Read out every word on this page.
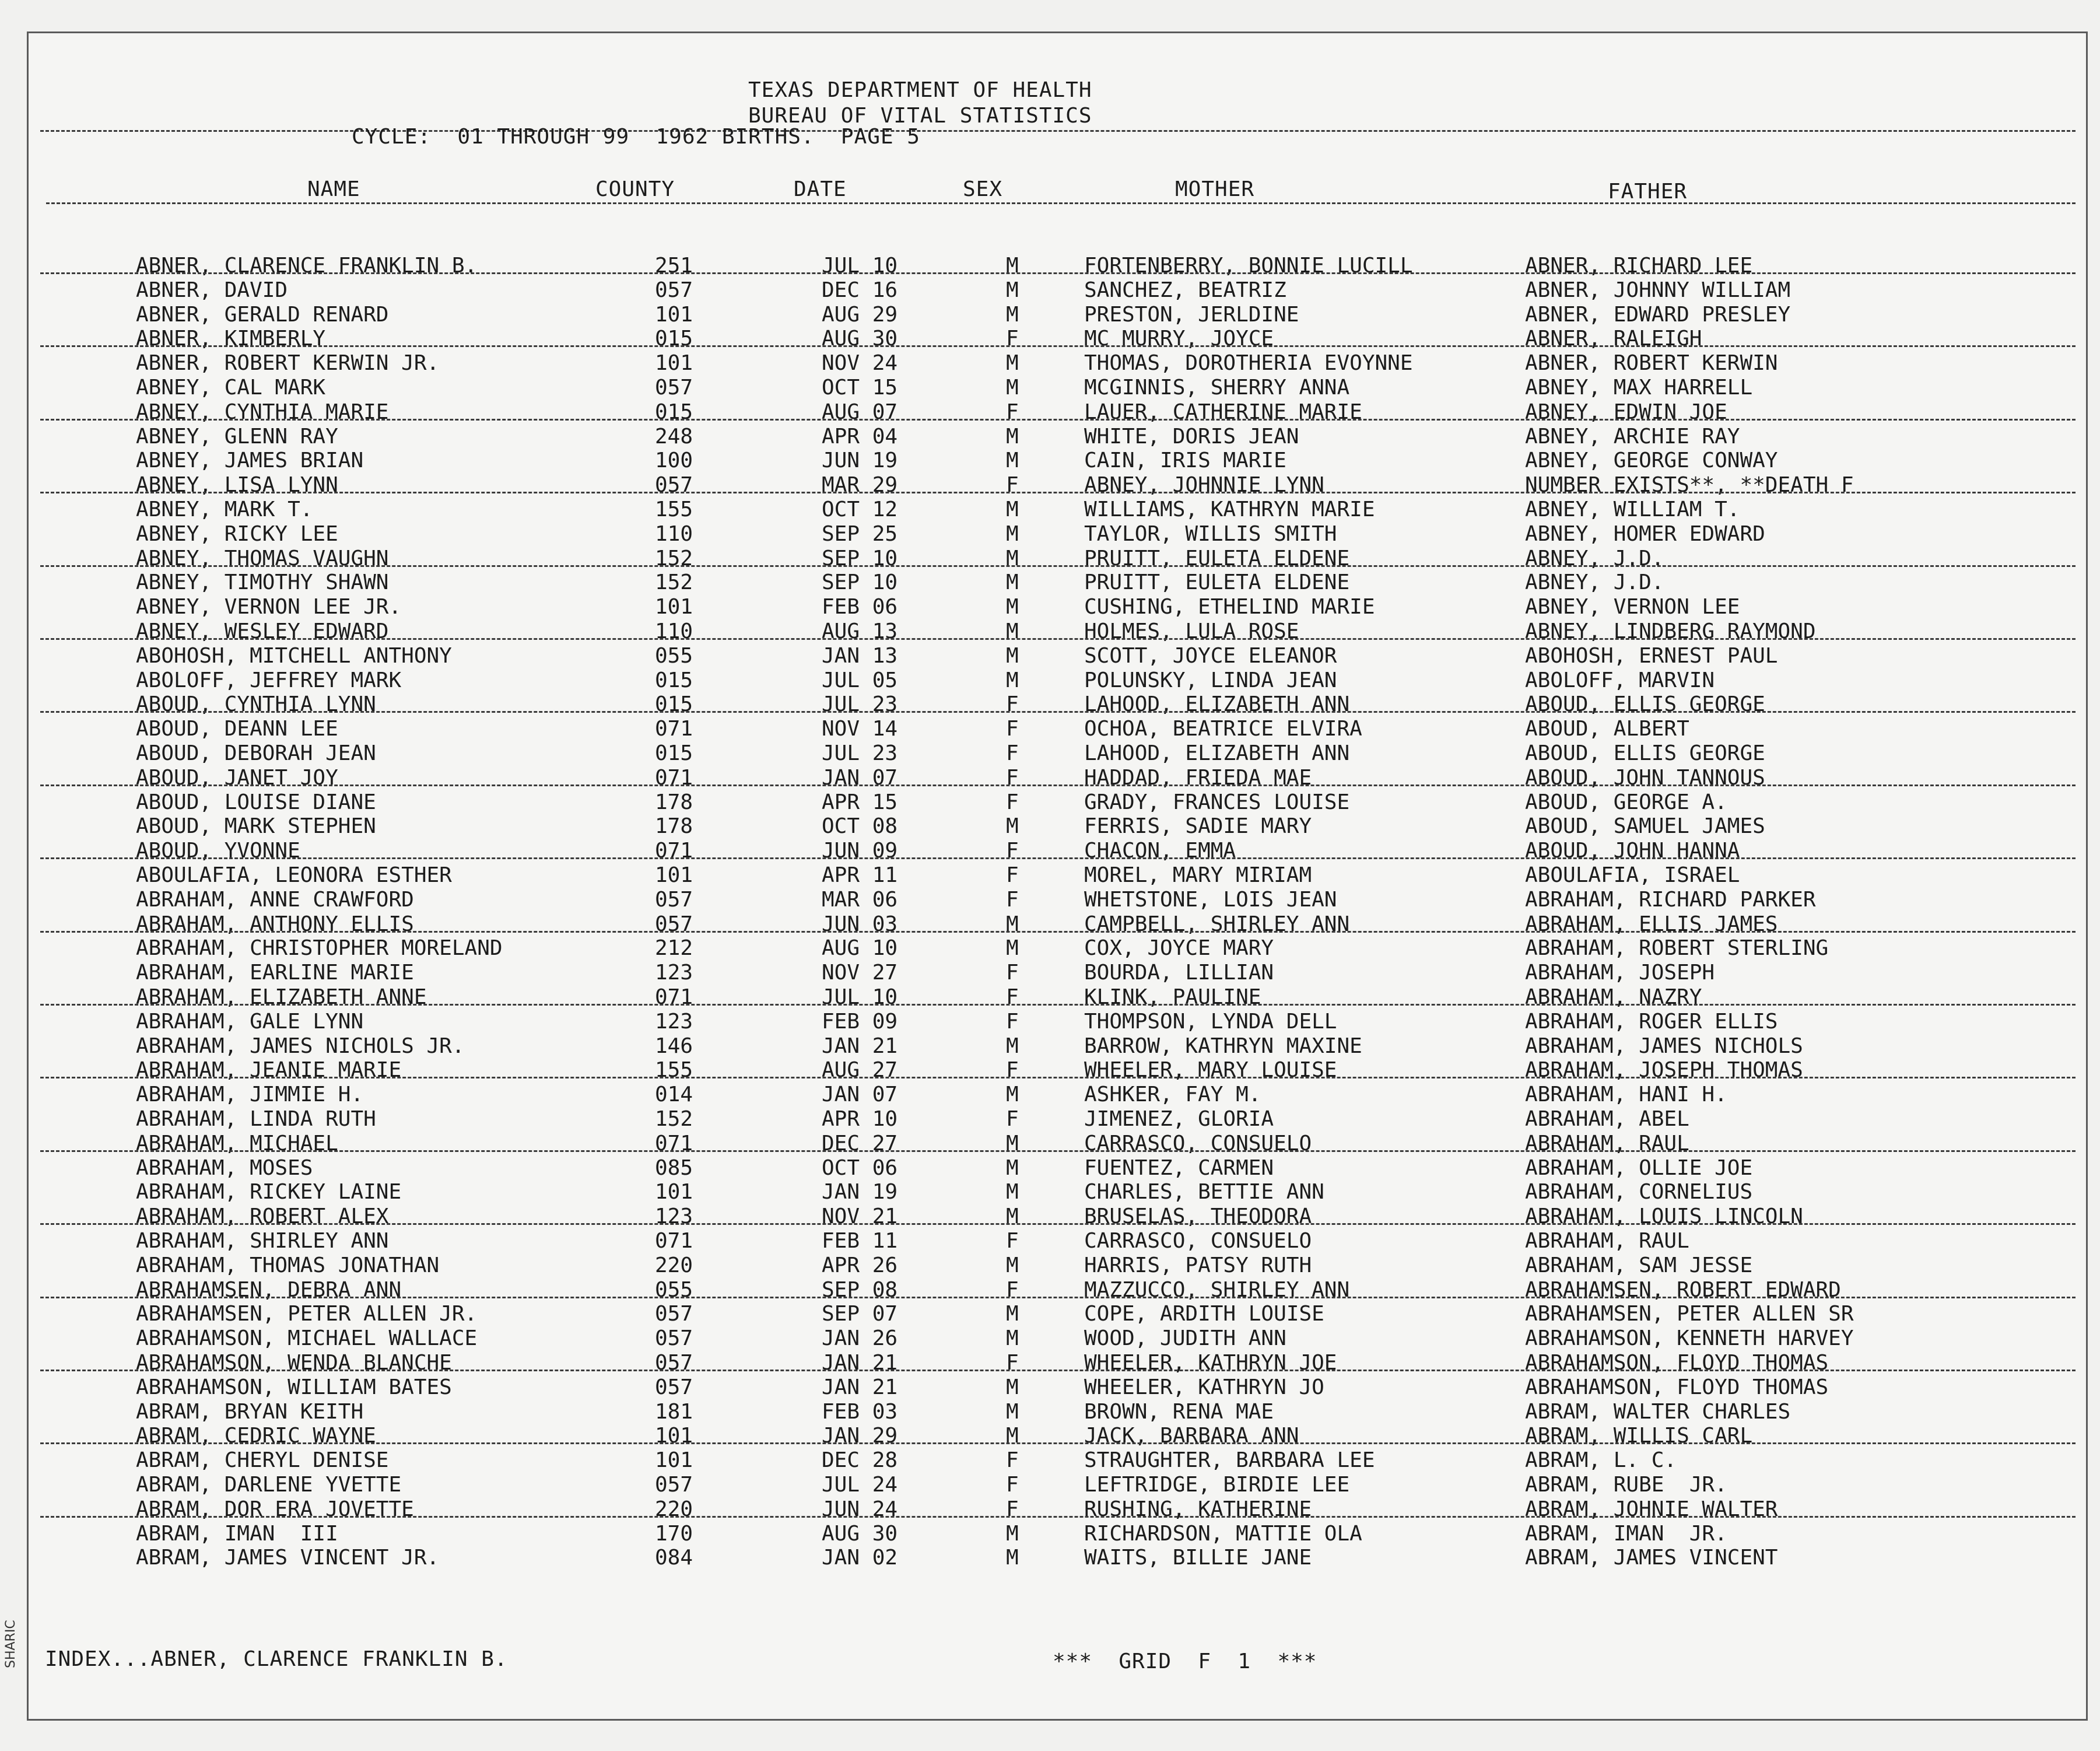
TEXAS DEPARTMENT OF HEALTH
BUREAU OF VITAL STATISTICS
CYCLE:  01 THROUGH 99  1962 BIRTHS.  PAGE 5
NAME	COUNTY	DATE	SEX	MOTHER	FATHER
ABNER, CLARENCE FRANKLIN B.	251	JUL 10	M	FORTENBERRY, BONNIE LUCILL	ABNER, RICHARD LEE
ABNER, DAVID	057	DEC 16	M	SANCHEZ, BEATRIZ	ABNER, JOHNNY WILLIAM
ABNER, GERALD RENARD	101	AUG 29	M	PRESTON, JERLDINE	ABNER, EDWARD PRESLEY
ABNER, KIMBERLY	015	AUG 30	F	MC MURRY, JOYCE	ABNER, RALEIGH
ABNER, ROBERT KERWIN JR.	101	NOV 24	M	THOMAS, DOROTHERIA EVOYNNE	ABNER, ROBERT KERWIN
ABNEY, CAL MARK	057	OCT 15	M	MCGINNIS, SHERRY ANNA	ABNEY, MAX HARRELL
ABNEY, CYNTHIA MARIE	015	AUG 07	F	LAUER, CATHERINE MARIE	ABNEY, EDWIN JOE
ABNEY, GLENN RAY	248	APR 04	M	WHITE, DORIS JEAN	ABNEY, ARCHIE RAY
ABNEY, JAMES BRIAN	100	JUN 19	M	CAIN, IRIS MARIE	ABNEY, GEORGE CONWAY
ABNEY, LISA LYNN	057	MAR 29	F	ABNEY, JOHNNIE LYNN	NUMBER EXISTS**, **DEATH F
ABNEY, MARK T.	155	OCT 12	M	WILLIAMS, KATHRYN MARIE	ABNEY, WILLIAM T.
ABNEY, RICKY LEE	110	SEP 25	M	TAYLOR, WILLIS SMITH	ABNEY, HOMER EDWARD
ABNEY, THOMAS VAUGHN	152	SEP 10	M	PRUITT, EULETA ELDENE	ABNEY, J.D.
ABNEY, TIMOTHY SHAWN	152	SEP 10	M	PRUITT, EULETA ELDENE	ABNEY, J.D.
ABNEY, VERNON LEE JR.	101	FEB 06	M	CUSHING, ETHELIND MARIE	ABNEY, VERNON LEE
ABNEY, WESLEY EDWARD	110	AUG 13	M	HOLMES, LULA ROSE	ABNEY, LINDBERG RAYMOND
ABOHOSH, MITCHELL ANTHONY	055	JAN 13	M	SCOTT, JOYCE ELEANOR	ABOHOSH, ERNEST PAUL
ABOLOFF, JEFFREY MARK	015	JUL 05	M	POLUNSKY, LINDA JEAN	ABOLOFF, MARVIN
ABOUD, CYNTHIA LYNN	015	JUL 23	F	LAHOOD, ELIZABETH ANN	ABOUD, ELLIS GEORGE
ABOUD, DEANN LEE	071	NOV 14	F	OCHOA, BEATRICE ELVIRA	ABOUD, ALBERT
ABOUD, DEBORAH JEAN	015	JUL 23	F	LAHOOD, ELIZABETH ANN	ABOUD, ELLIS GEORGE
ABOUD, JANET JOY	071	JAN 07	F	HADDAD, FRIEDA MAE	ABOUD, JOHN TANNOUS
ABOUD, LOUISE DIANE	178	APR 15	F	GRADY, FRANCES LOUISE	ABOUD, GEORGE A.
ABOUD, MARK STEPHEN	178	OCT 08	M	FERRIS, SADIE MARY	ABOUD, SAMUEL JAMES
ABOUD, YVONNE	071	JUN 09	F	CHACON, EMMA	ABOUD, JOHN HANNA
ABOULAFIA, LEONORA ESTHER	101	APR 11	F	MOREL, MARY MIRIAM	ABOULAFIA, ISRAEL
ABRAHAM, ANNE CRAWFORD	057	MAR 06	F	WHETSTONE, LOIS JEAN	ABRAHAM, RICHARD PARKER
ABRAHAM, ANTHONY ELLIS	057	JUN 03	M	CAMPBELL, SHIRLEY ANN	ABRAHAM, ELLIS JAMES
ABRAHAM, CHRISTOPHER MORELAND	212	AUG 10	M	COX, JOYCE MARY	ABRAHAM, ROBERT STERLING
ABRAHAM, EARLINE MARIE	123	NOV 27	F	BOURDA, LILLIAN	ABRAHAM, JOSEPH
ABRAHAM, ELIZABETH ANNE	071	JUL 10	F	KLINK, PAULINE	ABRAHAM, NAZRY
ABRAHAM, GALE LYNN	123	FEB 09	F	THOMPSON, LYNDA DELL	ABRAHAM, ROGER ELLIS
ABRAHAM, JAMES NICHOLS JR.	146	JAN 21	M	BARROW, KATHRYN MAXINE	ABRAHAM, JAMES NICHOLS
ABRAHAM, JEANIE MARIE	155	AUG 27	F	WHEELER, MARY LOUISE	ABRAHAM, JOSEPH THOMAS
ABRAHAM, JIMMIE H.	014	JAN 07	M	ASHKER, FAY M.	ABRAHAM, HANI H.
ABRAHAM, LINDA RUTH	152	APR 10	F	JIMENEZ, GLORIA	ABRAHAM, ABEL
ABRAHAM, MICHAEL	071	DEC 27	M	CARRASCO, CONSUELO	ABRAHAM, RAUL
ABRAHAM, MOSES	085	OCT 06	M	FUENTEZ, CARMEN	ABRAHAM, OLLIE JOE
ABRAHAM, RICKEY LAINE	101	JAN 19	M	CHARLES, BETTIE ANN	ABRAHAM, CORNELIUS
ABRAHAM, ROBERT ALEX	123	NOV 21	M	BRUSELAS, THEODORA	ABRAHAM, LOUIS LINCOLN
ABRAHAM, SHIRLEY ANN	071	FEB 11	F	CARRASCO, CONSUELO	ABRAHAM, RAUL
ABRAHAM, THOMAS JONATHAN	220	APR 26	M	HARRIS, PATSY RUTH	ABRAHAM, SAM JESSE
ABRAHAMSEN, DEBRA ANN	055	SEP 08	F	MAZZUCCO, SHIRLEY ANN	ABRAHAMSEN, ROBERT EDWARD
ABRAHAMSEN, PETER ALLEN JR.	057	SEP 07	M	COPE, ARDITH LOUISE	ABRAHAMSEN, PETER ALLEN SR
ABRAHAMSON, MICHAEL WALLACE	057	JAN 26	M	WOOD, JUDITH ANN	ABRAHAMSON, KENNETH HARVEY
ABRAHAMSON, WENDA BLANCHE	057	JAN 21	F	WHEELER, KATHRYN JOE	ABRAHAMSON, FLOYD THOMAS
ABRAHAMSON, WILLIAM BATES	057	JAN 21	M	WHEELER, KATHRYN JO	ABRAHAMSON, FLOYD THOMAS
ABRAM, BRYAN KEITH	181	FEB 03	M	BROWN, RENA MAE	ABRAM, WALTER CHARLES
ABRAM, CEDRIC WAYNE	101	JAN 29	M	JACK, BARBARA ANN	ABRAM, WILLIS CARL
ABRAM, CHERYL DENISE	101	DEC 28	F	STRAUGHTER, BARBARA LEE	ABRAM, L. C.
ABRAM, DARLENE YVETTE	057	JUL 24	F	LEFTRIDGE, BIRDIE LEE	ABRAM, RUBE  JR.
ABRAM, DOR ERA JOVETTE	220	JUN 24	F	RUSHING, KATHERINE	ABRAM, JOHNIE WALTER
ABRAM, IMAN  III	170	AUG 30	M	RICHARDSON, MATTIE OLA	ABRAM, IMAN  JR.
ABRAM, JAMES VINCENT JR.	084	JAN 02	M	WAITS, BILLIE JANE	ABRAM, JAMES VINCENT
INDEX...ABNER, CLARENCE FRANKLIN B.	***  GRID  F  1  ***
SHARIC
